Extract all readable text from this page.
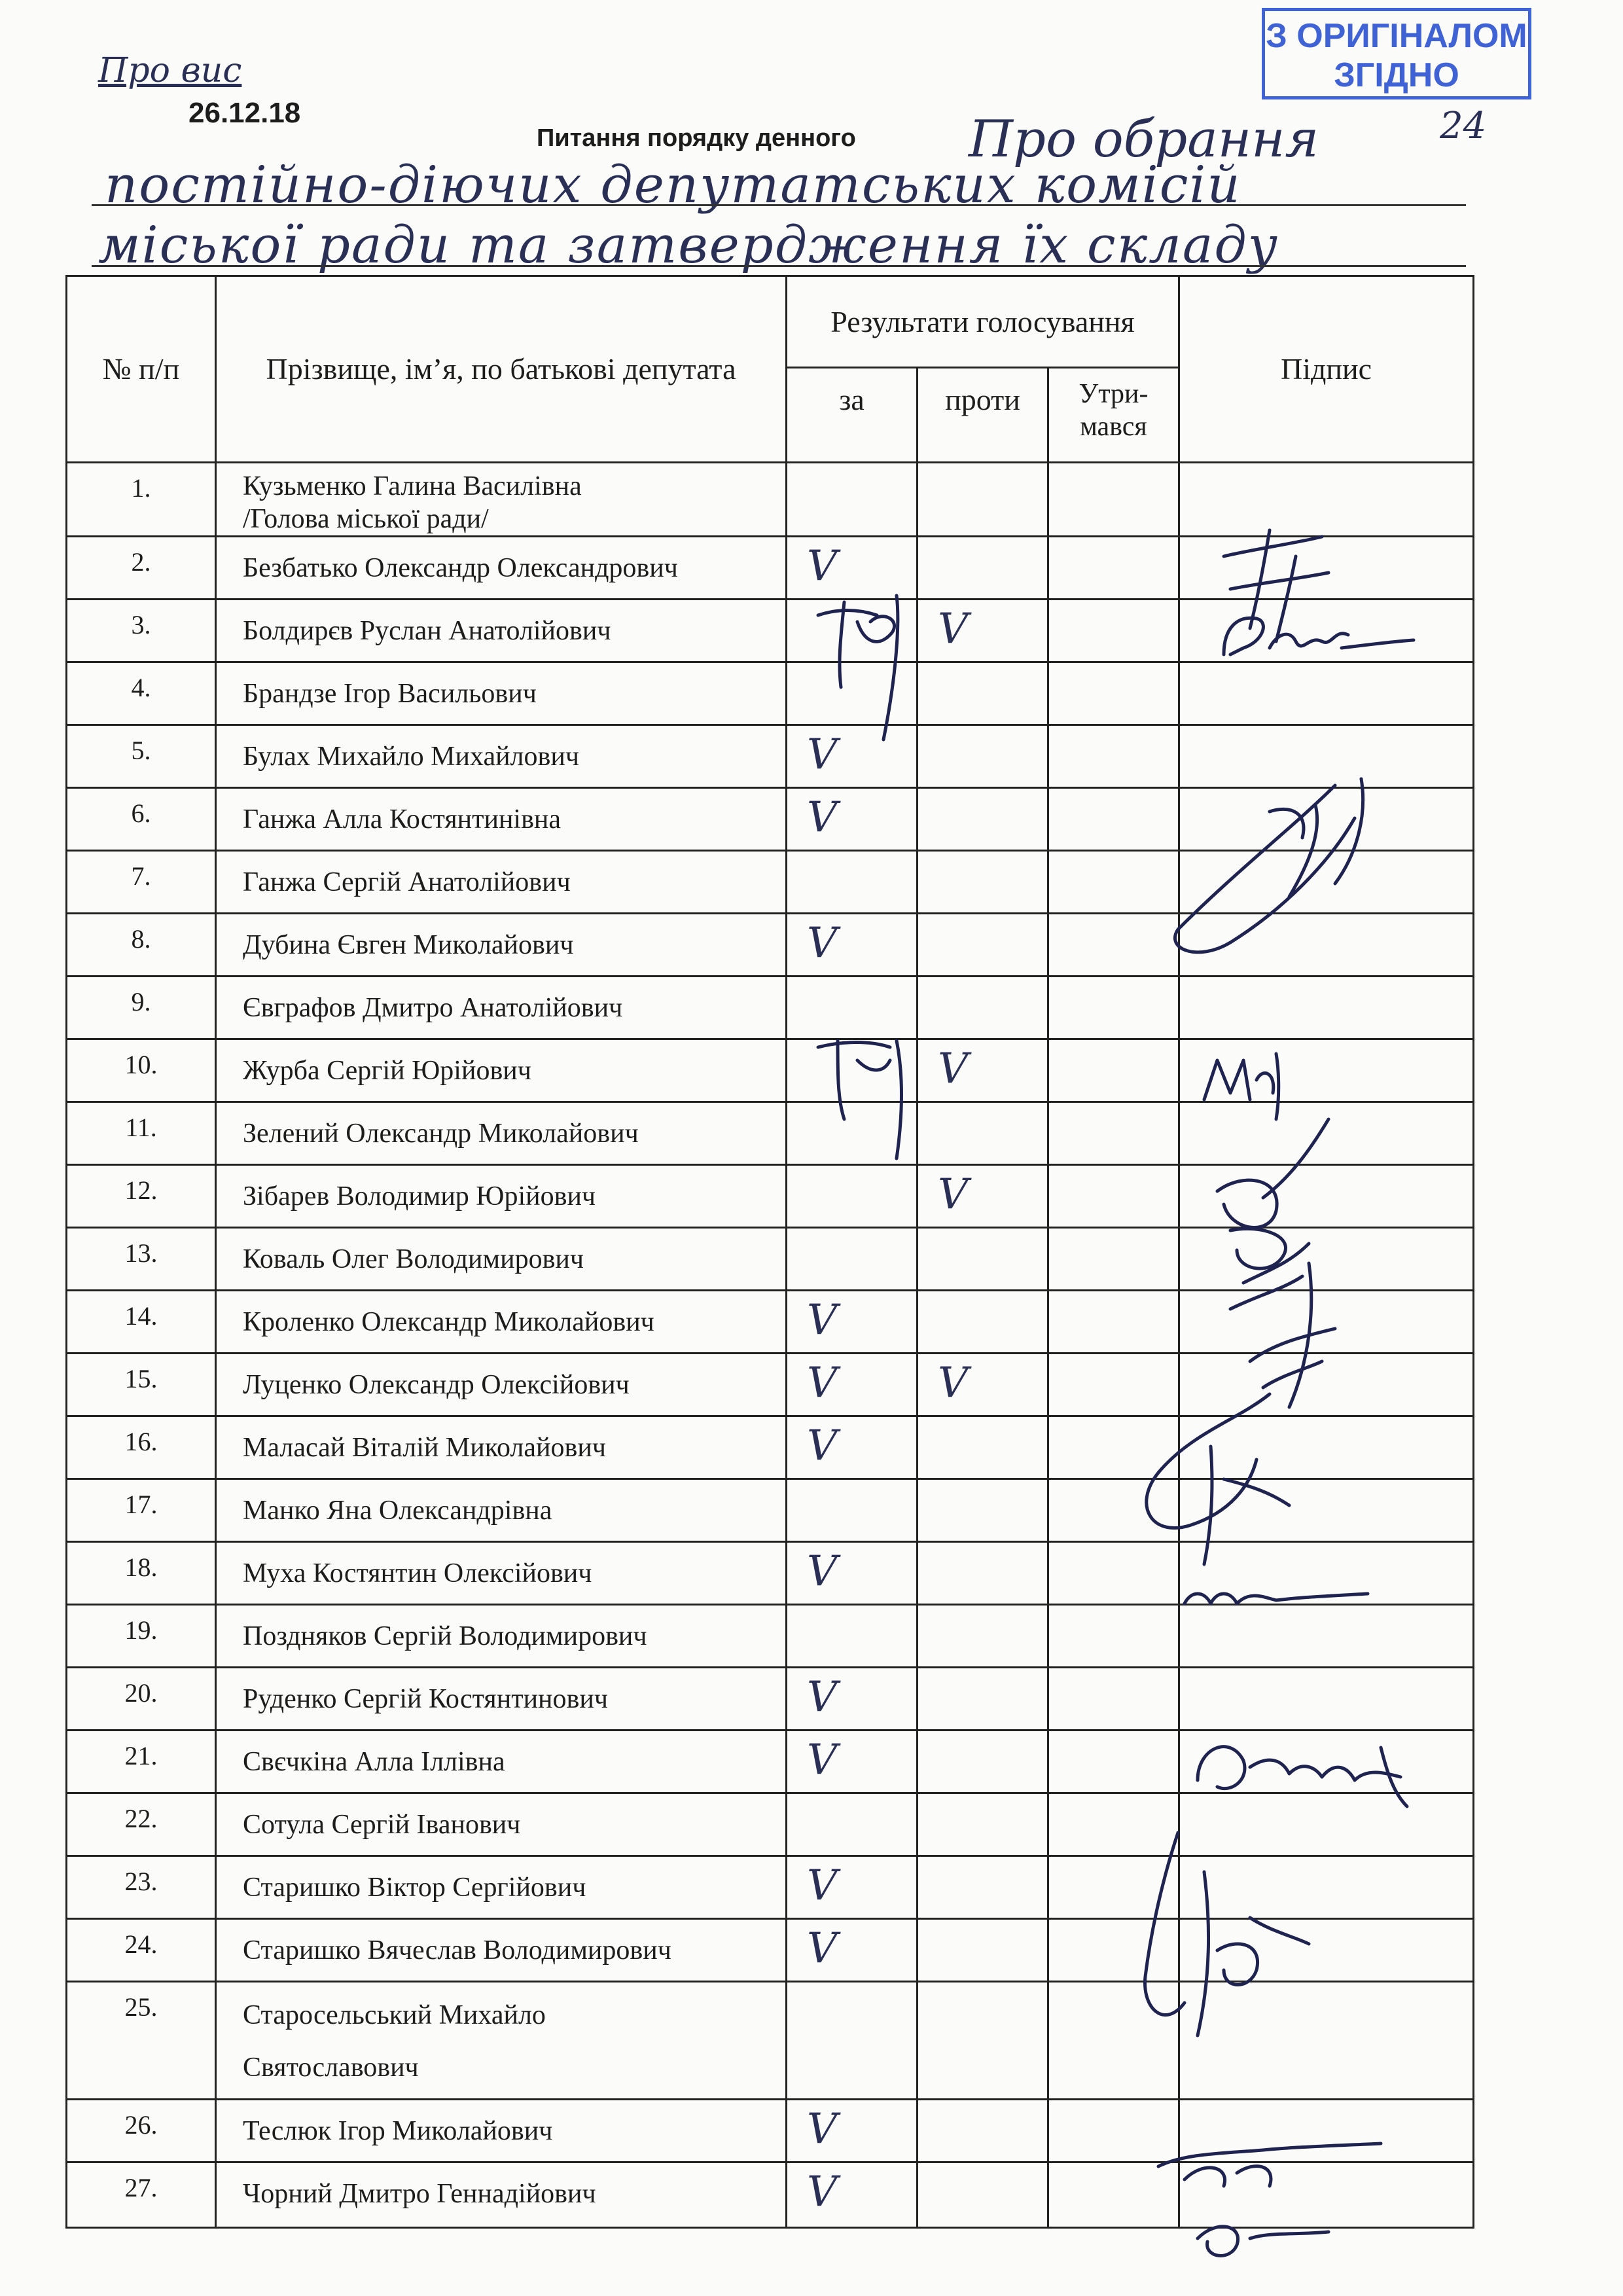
З ОРИГІНАЛОМ
ЗГІДНО
24
Про вис
26.12.18
Питання порядку денного Про обрання
постійно-діючих депутатських комісій
міської ради та затвердження їх складу
№ п/п	Прізвище, ім’я, по батькові депутата	Результати голосування			Підпис
		за	проти	Утри-мався	
1.	Кузьменко Галина Василівна
/Голова міської ради/				
2.	Безбатько Олександр Олександрович	V			
3.	Болдирєв Руслан Анатолійович		V		
4.	Брандзе Ігор Васильович				
5.	Булах Михайло Михайлович	V			
6.	Ганжа Алла Костянтинівна	V			
7.	Ганжа Сергій Анатолійович				
8.	Дубина Євген Миколайович	V			
9.	Євграфов Дмитро Анатолійович				
10.	Журба Сергій Юрійович		V		
11.	Зелений Олександр Миколайович				
12.	Зібарев Володимир Юрійович		V		
13.	Коваль Олег Володимирович				
14.	Кроленко Олександр Миколайович	V			
15.	Луценко Олександр Олексійович	V	V		
16.	Маласай Віталій Миколайович	V			
17.	Манко Яна Олександрівна				
18.	Муха Костянтин Олексійович	V			
19.	Поздняков Сергій Володимирович				
20.	Руденко Сергій Костянтинович	V			
21.	Свєчкіна Алла Іллівна	V			
22.	Сотула Сергій Іванович				
23.	Старишко Віктор Сергійович	V			
24.	Старишко Вячеслав Володимирович	V			
25.	Старосельський Михайло
Святославович				
26.	Теслюк Ігор Миколайович	V			
27.	Чорний Дмитро Геннадійович	V			
